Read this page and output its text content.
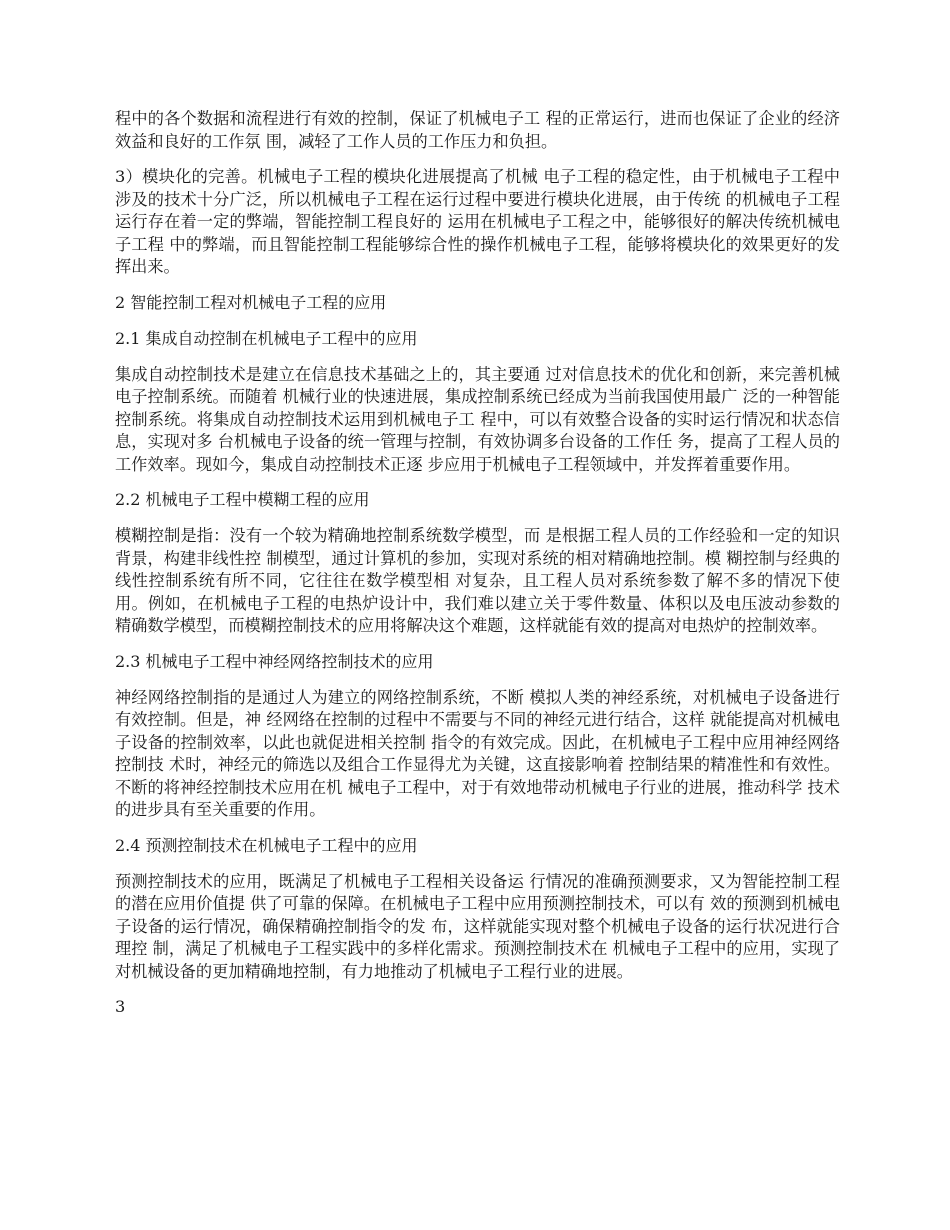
程中的各个数据和流程进行有效的控制，保证了机械电子工 程的正常运行，进而也保证了企业的经济效益和良好的工作氛 围，减轻了工作人员的工作压力和负担。

3）模块化的完善。机械电子工程的模块化进展提高了机械 电子工程的稳定性，由于机械电子工程中涉及的技术十分广泛，所以机械电子工程在运行过程中要进行模块化进展，由于传统 的机械电子工程运行存在着一定的弊端，智能控制工程良好的 运用在机械电子工程之中，能够很好的解决传统机械电子工程 中的弊端，而且智能控制工程能够综合性的操作机械电子工程，能够将模块化的效果更好的发挥出来。

2 智能控制工程对机械电子工程的应用

2.1 集成自动控制在机械电子工程中的应用

集成自动控制技术是建立在信息技术基础之上的，其主要通 过对信息技术的优化和创新，来完善机械电子控制系统。而随着 机械行业的快速进展，集成控制系统已经成为当前我国使用最广 泛的一种智能控制系统。将集成自动控制技术运用到机械电子工 程中，可以有效整合设备的实时运行情况和状态信息，实现对多 台机械电子设备的统一管理与控制，有效协调多台设备的工作任 务，提高了工程人员的工作效率。现如今，集成自动控制技术正逐 步应用于机械电子工程领域中，并发挥着重要作用。

2.2 机械电子工程中模糊工程的应用

模糊控制是指：没有一个较为精确地控制系统数学模型，而 是根据工程人员的工作经验和一定的知识背景，构建非线性控 制模型，通过计算机的参加，实现对系统的相对精确地控制。模 糊控制与经典的线性控制系统有所不同，它往往在数学模型相 对复杂，且工程人员对系统参数了解不多的情况下使用。例如，在机械电子工程的电热炉设计中，我们难以建立关于零件数量、体积以及电压波动参数的精确数学模型，而模糊控制技术的应用将解决这个难题，这样就能有效的提高对电热炉的控制效率。

2.3 机械电子工程中神经网络控制技术的应用

神经网络控制指的是通过人为建立的网络控制系统，不断 模拟人类的神经系统，对机械电子设备进行有效控制。但是，神 经网络在控制的过程中不需要与不同的神经元进行结合，这样 就能提高对机械电子设备的控制效率，以此也就促进相关控制 指令的有效完成。因此，在机械电子工程中应用神经网络控制技 术时，神经元的筛选以及组合工作显得尤为关键，这直接影响着 控制结果的精准性和有效性。不断的将神经控制技术应用在机 械电子工程中，对于有效地带动机械电子行业的进展，推动科学 技术的进步具有至关重要的作用。

2.4 预测控制技术在机械电子工程中的应用

预测控制技术的应用，既满足了机械电子工程相关设备运 行情况的准确预测要求，又为智能控制工程的潜在应用价值提 供了可靠的保障。在机械电子工程中应用预测控制技术，可以有 效的预测到机械电子设备的运行情况，确保精确控制指令的发 布，这样就能实现对整个机械电子设备的运行状况进行合理控 制，满足了机械电子工程实践中的多样化需求。预测控制技术在 机械电子工程中的应用，实现了对机械设备的更加精确地控制，有力地推动了机械电子工程行业的进展。

3
